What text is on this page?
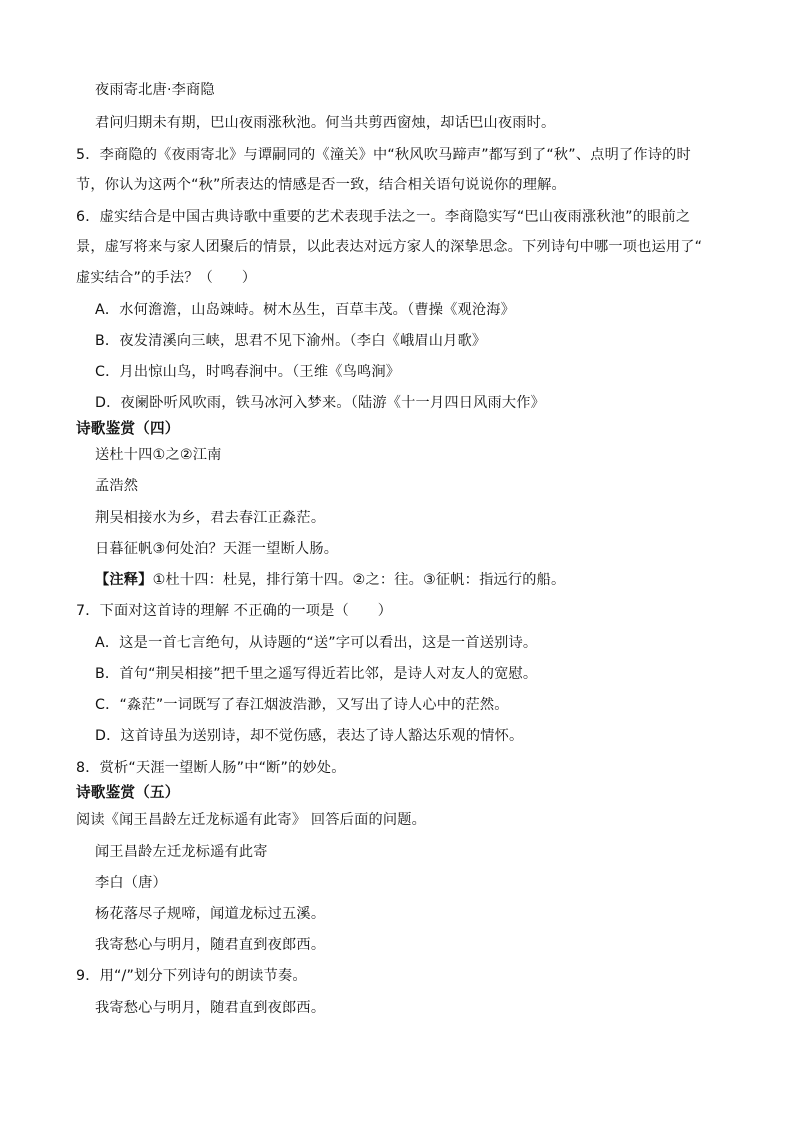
夜雨寄北唐·李商隐
君问归期未有期，巴山夜雨涨秋池。何当共剪西窗烛，却话巴山夜雨时。
5．李商隐的《夜雨寄北》与谭嗣同的《潼关》中“秋风吹马蹄声”都写到了“秋”、点明了作诗的时
节，你认为这两个“秋”所表达的情感是否一致，结合相关语句说说你的理解。
6．虚实结合是中国古典诗歌中重要的艺术表现手法之一。李商隐实写“巴山夜雨涨秋池”的眼前之
景，虚写将来与家人团聚后的情景，以此表达对远方家人的深挚思念。下列诗句中哪一项也运用了“
虚实结合”的手法？（　　）
A．水何澹澹，山岛竦峙。树木丛生，百草丰茂。（曹操《观沧海》
B．夜发清溪向三峡，思君不见下渝州。（李白《峨眉山月歌》
C．月出惊山鸟，时鸣春涧中。（王维《鸟鸣涧》
D．夜阑卧听风吹雨，铁马冰河入梦来。（陆游《十一月四日风雨大作》
诗歌鉴赏（四）
送杜十四①之②江南
孟浩然
荆吴相接水为乡，君去春江正淼茫。
日暮征帆③何处泊？天涯一望断人肠。
【注释】①杜十四：杜晃，排行第十四。②之：往。③征帆：指远行的船。
7．下面对这首诗的理解 不正确的一项是（　　）
A．这是一首七言绝句，从诗题的“送”字可以看出，这是一首送别诗。
B．首句“荆吴相接”把千里之遥写得近若比邻，是诗人对友人的宽慰。
C．“淼茫”一词既写了春江烟波浩渺，又写出了诗人心中的茫然。
D．这首诗虽为送别诗，却不觉伤感，表达了诗人豁达乐观的情怀。
8．赏析“天涯一望断人肠”中“断”的妙处。
诗歌鉴赏（五）
阅读《闻王昌龄左迁龙标遥有此寄》 回答后面的问题。
闻王昌龄左迁龙标遥有此寄
李白（唐）
杨花落尽子规啼，闻道龙标过五溪。
我寄愁心与明月，随君直到夜郎西。
9．用“/”划分下列诗句的朗读节奏。
我寄愁心与明月，随君直到夜郎西。
